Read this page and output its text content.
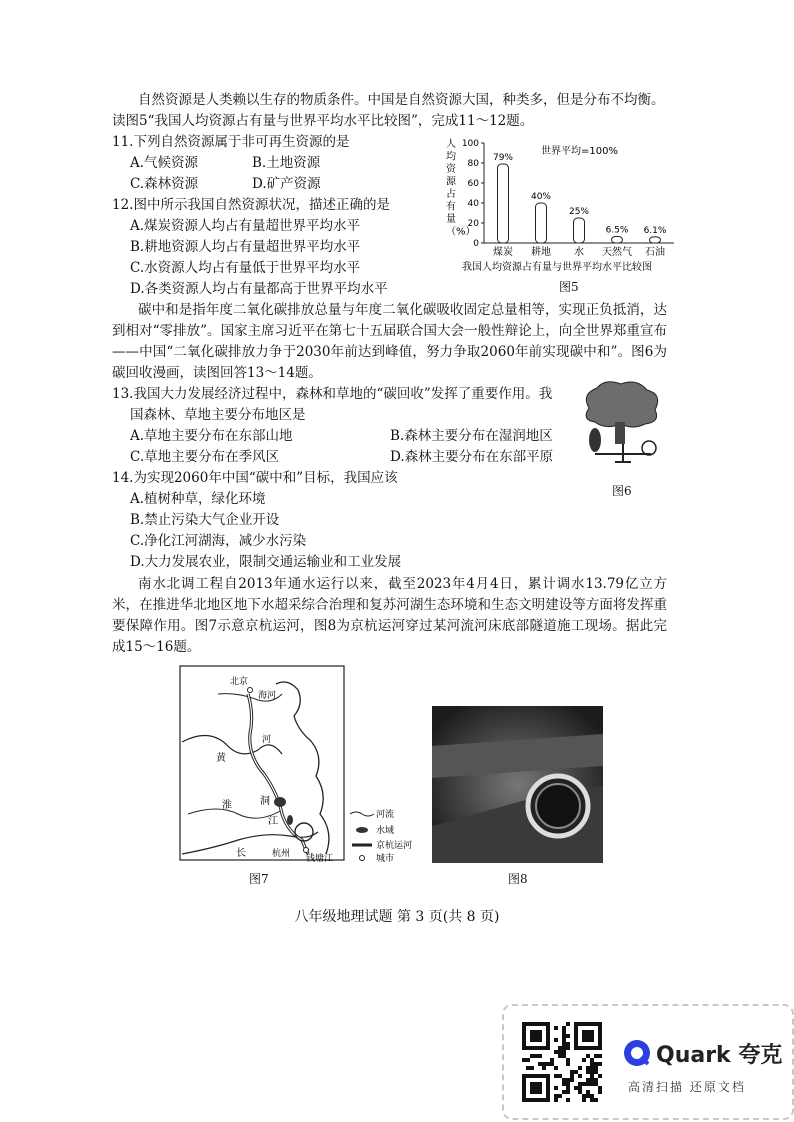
自然资源是人类赖以生存的物质条件。中国是自然资源大国，种类多，但是分布不均衡。
读图5“我国人均资源占有量与世界平均水平比较图”，完成11～12题。
11.下列自然资源属于非可再生资源的是
A.气候资源	B.土地资源
C.森林资源	D.矿产资源
12.图中所示我国自然资源状况，描述正确的是
A.煤炭资源人均占有量超世界平均水平
B.耕地资源人均占有量超世界平均水平
C.水资源人均占有量低于世界平均水平
D.各类资源人均占有量都高于世界平均水平
人
均
资
源
占
有
量
（%）
0
20
40
60
80
100
79%
40%
25%
6.5% 6.1%
煤炭 耕地 水 天然气 石油
世界平均=100%
我国人均资源占有量与世界平均水平比较图
图5
碳中和是指年度二氧化碳排放总量与年度二氧化碳吸收固定总量相等，实现正负抵消，达到相对“零排放”。国家主席习近平在第七十五届联合国大会一般性辩论上，向全世界郑重宣布——中国“二氧化碳排放力争于2030年前达到峰值，努力争取2060年前实现碳中和”。图6为碳回收漫画，读图回答13～14题。
图6
13.我国大力发展经济过程中，森林和草地的“碳回收”发挥了重要作用。我
国森林、草地主要分布地区是
A.草地主要分布在东部山地	B.森林主要分布在湿润地区
C.草地主要分布在季风区	D.森林主要分布在东部平原
14.为实现2060年中国“碳中和”目标，我国应该
A.植树种草，绿化环境
B.禁止污染大气企业开设
C.净化江河湖海，减少水污染
D.大力发展农业，限制交通运输业和工业发展
南水北调工程自2013年通水运行以来，截至2023年4月4日，累计调水13.79亿立方米，在推进华北地区地下水超采综合治理和复苏河湖生态环境和生态文明建设等方面将发挥重要保障作用。图7示意京杭运河，图8为京杭运河穿过某河流河床底部隧道施工现场。据此完成15～16题。
北京
海河
河
黄
淮	洞
江
长	杭州 钱塘江
河流
水域
京杭运河
城市
图7	图8
八年级地理试题 第 3 页(共 8 页)
Quark 夸克
高清扫描 还原文档
